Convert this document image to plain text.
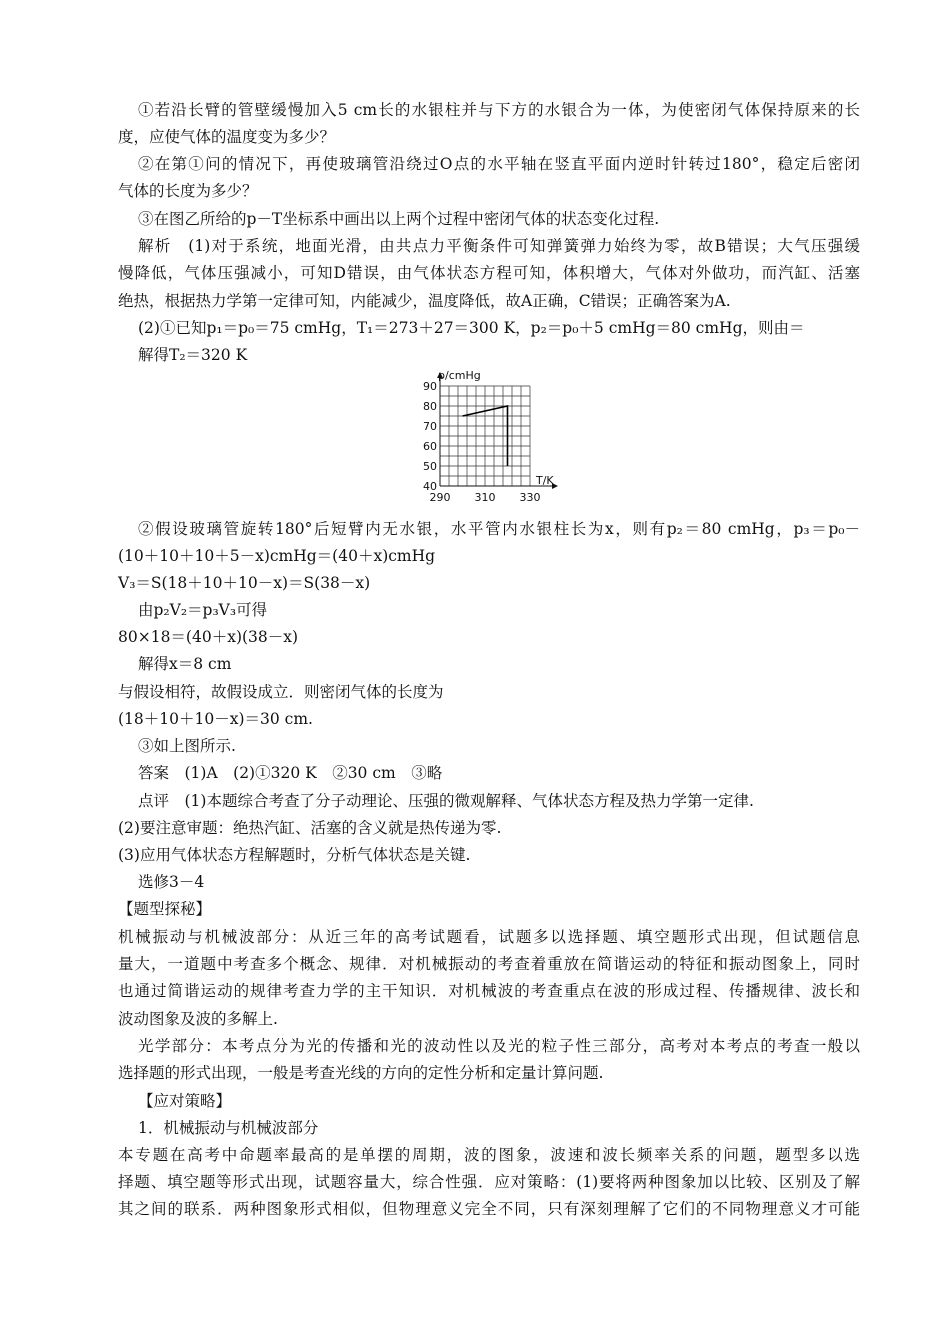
①若沿长臂的管壁缓慢加入5 cm长的水银柱并与下方的水银合为一体，为使密闭气体保持原来的长
度，应使气体的温度变为多少？
②在第①问的情况下，再使玻璃管沿绕过O点的水平轴在竖直平面内逆时针转过180°，稳定后密闭
气体的长度为多少？
③在图乙所给的p－T坐标系中画出以上两个过程中密闭气体的状态变化过程.
解析　(1)对于系统，地面光滑，由共点力平衡条件可知弹簧弹力始终为零，故B错误；大气压强缓
慢降低，气体压强减小，可知D错误，由气体状态方程可知，体积增大，气体对外做功，而汽缸、活塞
绝热，根据热力学第一定律可知，内能减少，温度降低，故A正确，C错误；正确答案为A.
(2)①已知p₁＝p₀＝75 cmHg，T₁＝273＋27＝300 K，p₂＝p₀＋5 cmHg＝80 cmHg，则由＝
解得T₂＝320 K
②假设玻璃管旋转180°后短臂内无水银，水平管内水银柱长为x，则有p₂＝80 cmHg，p₃＝p₀－
(10＋10＋10＋5－x)cmHg＝(40＋x)cmHg
V₃＝S(18＋10＋10－x)＝S(38－x)
由p₂V₂＝p₃V₃可得
80×18＝(40＋x)(38－x)
解得x＝8 cm
与假设相符，故假设成立．则密闭气体的长度为
(18＋10＋10－x)＝30 cm.
③如上图所示.
答案　(1)A　(2)①320 K　②30 cm　③略
点评　(1)本题综合考查了分子动理论、压强的微观解释、气体状态方程及热力学第一定律.
(2)要注意审题：绝热汽缸、活塞的含义就是热传递为零.
(3)应用气体状态方程解题时，分析气体状态是关键.
选修3－4
【题型探秘】
机械振动与机械波部分：从近三年的高考试题看，试题多以选择题、填空题形式出现，但试题信息
量大，一道题中考查多个概念、规律．对机械振动的考查着重放在简谐运动的特征和振动图象上，同时
也通过简谐运动的规律考查力学的主干知识．对机械波的考查重点在波的形成过程、传播规律、波长和
波动图象及波的多解上.
光学部分：本考点分为光的传播和光的波动性以及光的粒子性三部分，高考对本考点的考查一般以
选择题的形式出现，一般是考查光线的方向的定性分析和定量计算问题.
【应对策略】
1．机械振动与机械波部分
本专题在高考中命题率最高的是单摆的周期，波的图象，波速和波长频率关系的问题，题型多以选
择题、填空题等形式出现，试题容量大，综合性强．应对策略：(1)要将两种图象加以比较、区别及了解
其之间的联系．两种图象形式相似，但物理意义完全不同，只有深刻理解了它们的不同物理意义才可能
40
50
60
70
80
90
290 310 330
p/cmHg
T/K
